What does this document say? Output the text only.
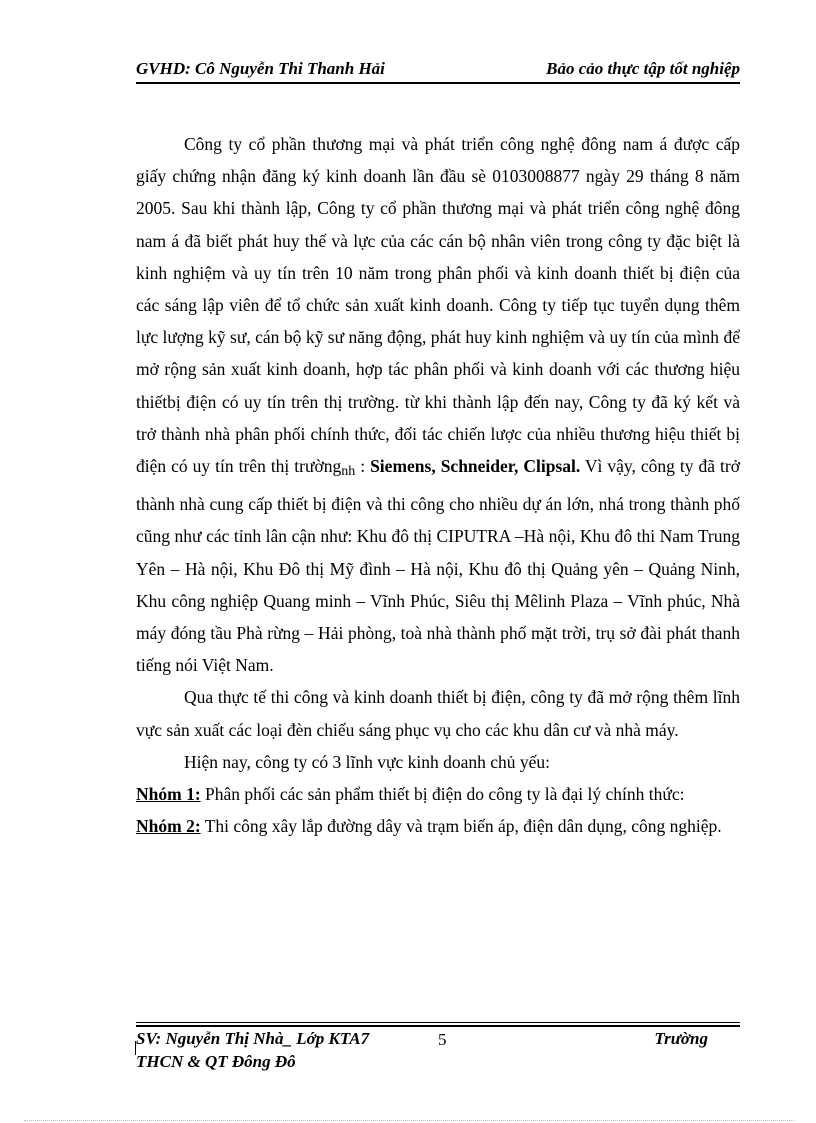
GVHD: Cô Nguyễn Thi Thanh Hải	Bảo cảo thực tập tốt nghiệp

Công ty cổ phần thương mại và phát triển công nghệ đông nam á được cấp giấy chứng nhận đăng ký kinh doanh lần đầu sè 0103008877 ngày 29 tháng 8 năm 2005. Sau khi thành lập, Công ty cổ phần thương mại và phát triển công nghệ đông nam á đã biết phát huy thế và lực của các cán bộ nhân viên trong công ty đặc biệt là kinh nghiệm và uy tín trên 10 năm trong phân phối và kinh doanh thiết bị điện của các sáng lập viên để tổ chức sản xuất kinh doanh. Công ty tiếp tục tuyển dụng thêm lực lượng kỹ sư, cán bộ kỹ sư năng động, phát huy kinh nghiệm và uy tín của mình để mở rộng sản xuất kinh doanh, hợp tác phân phối và kinh doanh với các thương hiệu thiếtbị điện có uy tín trên thị trường. từ khi thành lập đến nay, Công ty đã ký kết và trở thành nhà phân phối chính thức, đối tác chiến lược của nhiều thương hiệu thiết bị điện có uy tín trên thị trườngnh : Siemens, Schneider, Clipsal. Vì vậy, công ty đã trở thành nhà cung cấp thiết bị điện và thi công cho nhiều dự án lớn, nhá trong thành phố cũng như các tỉnh lân cận như: Khu đô thị CIPUTRA –Hà nội, Khu đô thi Nam Trung Yên – Hà nội, Khu Đô thị Mỹ đình – Hà nội, Khu đô thị Quảng yên – Quảng Ninh, Khu công nghiệp Quang minh – Vĩnh Phúc, Siêu thị Mêlinh Plaza – Vĩnh phúc, Nhà máy đóng tầu Phà rừng – Hải phòng, toà nhà thành phố mặt trời, trụ sở đài phát thanh tiếng nói Việt Nam.

Qua thực tế thi công và kinh doanh thiết bị điện, công ty đã mở rộng thêm lĩnh vực sản xuất các loại đèn chiếu sáng phục vụ cho các khu dân cư và nhà máy.

Hiện nay, công ty có 3 lĩnh vực kinh doanh chủ yếu:

Nhóm 1: Phân phối các sản phẩm thiết bị điện do công ty là đại lý chính thức:

Nhóm 2: Thi công xây lắp đường dây và trạm biến áp, điện dân dụng, công nghiệp.

SV: Nguyễn Thị Nhà_ Lớp KTA7	5	Trường
THCN & QT Đông Đô
